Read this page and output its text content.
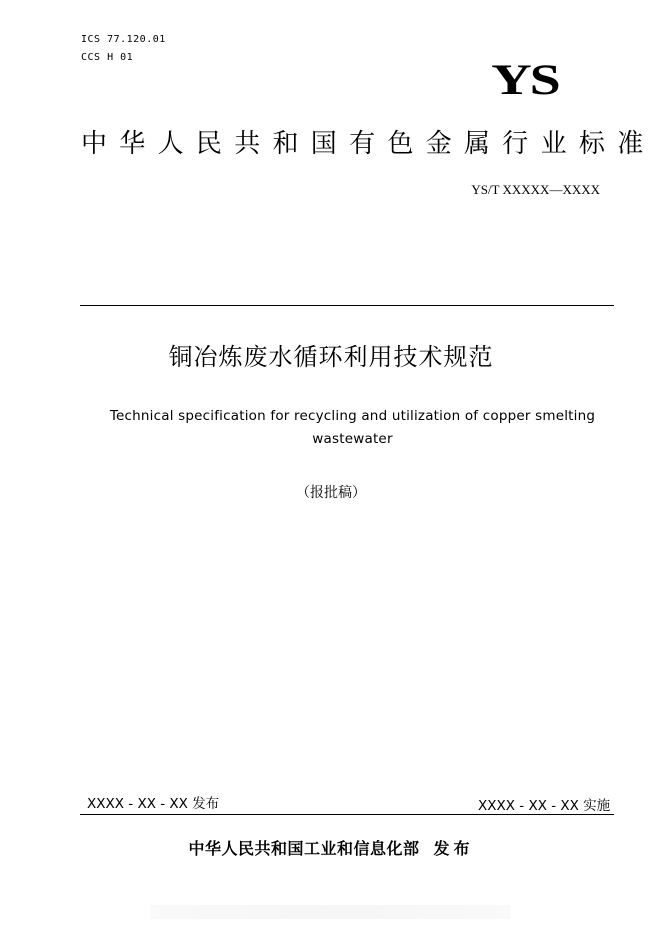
ICS 77.120.01
CCS H 01	YS
中华人民共和国有色金属行业标准
YS/T XXXXX—XXXX
铜冶炼废水循环利用技术规范
Technical specification for recycling and utilization of copper smelting wastewater
（报批稿）
XXXX - XX - XX 发布	XXXX - XX - XX 实施
中华人民共和国工业和信息化部 发布
